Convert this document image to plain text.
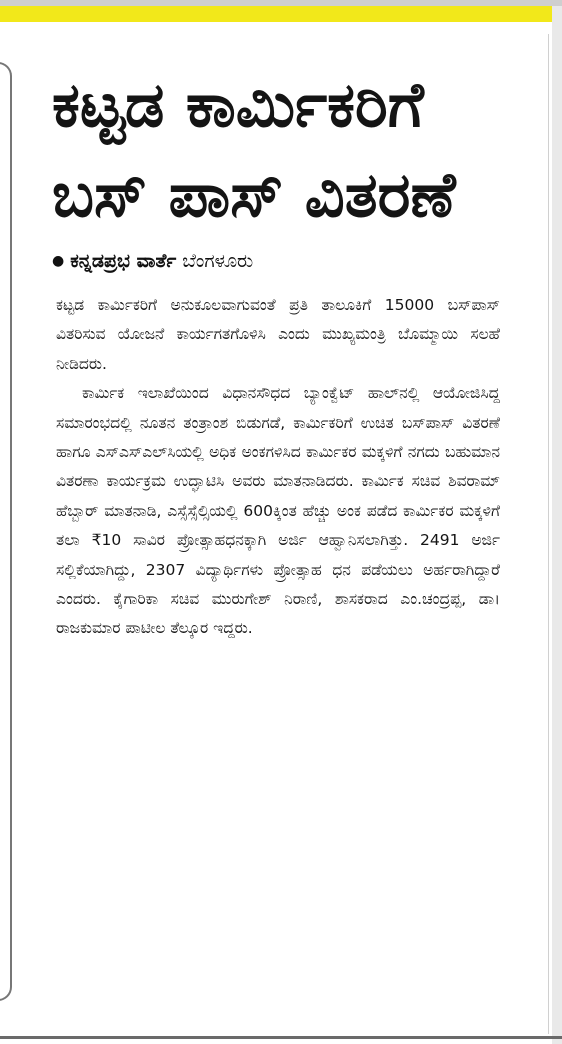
ಕಟ್ಟಡ ಕಾರ್ಮಿಕರಿಗೆ
ಬಸ್ ಪಾಸ್ ವಿತರಣೆ
● ಕನ್ನಡಪ್ರಭ ವಾರ್ತೆ ಬೆಂಗಳೂರು

ಕಟ್ಟಡ ಕಾರ್ಮಿಕರಿಗೆ ಅನುಕೂಲವಾಗುವಂತೆ ಪ್ರತಿ ತಾಲೂಕಿಗೆ 15000 ಬಸ್‌ಪಾಸ್ ವಿತರಿಸುವ ಯೋಜನೆ ಕಾರ್ಯಗತಗೊಳಿಸಿ ಎಂದು ಮುಖ್ಯಮಂತ್ರಿ ಬೊಮ್ಮಾಯಿ ಸಲಹೆ ನೀಡಿದರು.

ಕಾರ್ಮಿಕ ಇಲಾಖೆಯಿಂದ ವಿಧಾನಸೌಧದ ಬ್ಯಾಂಕ್ವೆಟ್ ಹಾಲ್‌ನಲ್ಲಿ ಆಯೋಜಿಸಿದ್ದ ಸಮಾರಂಭದಲ್ಲಿ ನೂತನ ತಂತ್ರಾಂಶ ಬಿಡುಗಡೆ, ಕಾರ್ಮಿಕರಿಗೆ ಉಚಿತ ಬಸ್‌ಪಾಸ್ ವಿತರಣೆ ಹಾಗೂ ಎಸ್‌ಎಸ್‌ಎಲ್‌ಸಿಯಲ್ಲಿ ಅಧಿಕ ಅಂಕಗಳಿಸಿದ ಕಾರ್ಮಿಕರ ಮಕ್ಕಳಿಗೆ ನಗದು ಬಹುಮಾನ ವಿತರಣಾ ಕಾರ್ಯಕ್ರಮ ಉದ್ಘಾಟಿಸಿ ಅವರು ಮಾತನಾಡಿದರು. ಕಾರ್ಮಿಕ ಸಚಿವ ಶಿವರಾಮ್ ಹೆಬ್ಬಾರ್ ಮಾತನಾಡಿ, ಎಸ್ಸೆಸ್ಸೆಲ್ಸಿಯಲ್ಲಿ 600ಕ್ಕಿಂತ ಹೆಚ್ಚು ಅಂಕ ಪಡೆದ ಕಾರ್ಮಿಕರ ಮಕ್ಕಳಿಗೆ ತಲಾ ₹10 ಸಾವಿರ ಪ್ರೋತ್ಸಾಹಧನಕ್ಕಾಗಿ ಅರ್ಜಿ ಆಹ್ವಾನಿಸಲಾಗಿತ್ತು. 2491 ಅರ್ಜಿ ಸಲ್ಲಿಕೆಯಾಗಿದ್ದು, 2307 ವಿದ್ಯಾರ್ಥಿಗಳು ಪ್ರೋತ್ಸಾಹ ಧನ ಪಡೆಯಲು ಅರ್ಹರಾಗಿದ್ದಾರೆ ಎಂದರು. ಕೈಗಾರಿಕಾ ಸಚಿವ ಮುರುಗೇಶ್ ನಿರಾಣಿ, ಶಾಸಕರಾದ ಎಂ.ಚಂದ್ರಪ್ಪ, ಡಾ। ರಾಜಕುಮಾರ ಪಾಟೀಲ ತೆಲ್ಕೂರ ಇದ್ದರು.
